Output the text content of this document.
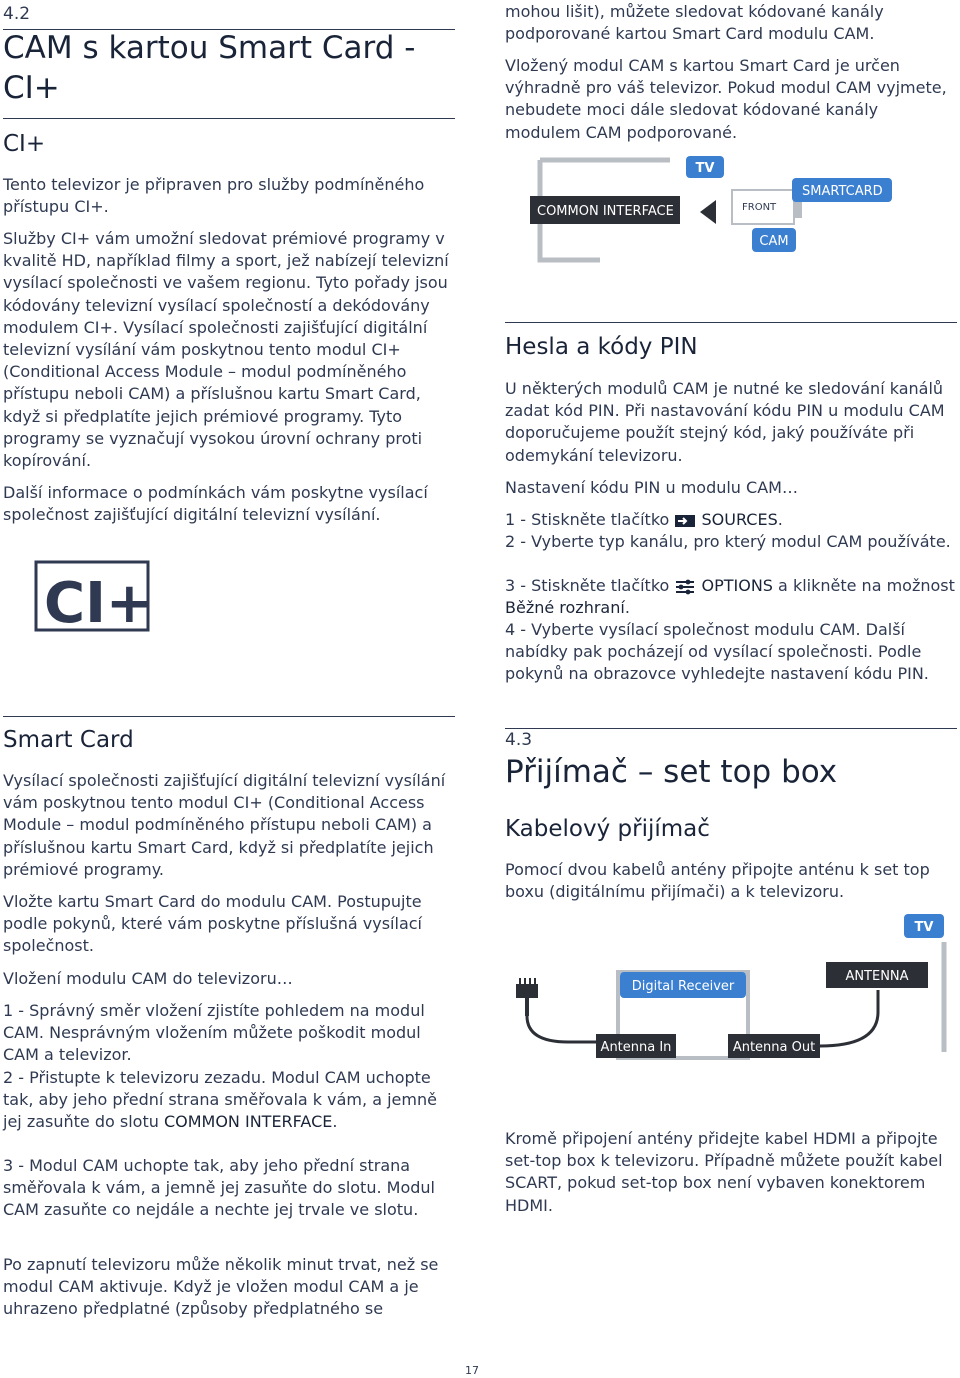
4.2
CAM s kartou Smart Card -
CI+
CI+

Tento televizor je připraven pro služby podmíněného přístupu CI+.

Služby CI+ vám umožní sledovat prémiové programy v kvalitě HD, například filmy a sport, jež nabízejí televizní vysílací společnosti ve vašem regionu. Tyto pořady jsou kódovány televizní vysílací společností a dekódovány modulem CI+. Vysílací společnosti zajišťující digitální televizní vysílání vám poskytnou tento modul CI+ (Conditional Access Module – modul podmíněného přístupu neboli CAM) a příslušnou kartu Smart Card, když si předplatíte jejich prémiové programy. Tyto programy se vyznačují vysokou úrovní ochrany proti kopírování.

Další informace o podmínkách vám poskytne vysílací společnost zajišťující digitální televizní vysílání.

CI+
Smart Card

Vysílací společnosti zajišťující digitální televizní vysílání vám poskytnou tento modul CI+ (Conditional Access Module – modul podmíněného přístupu neboli CAM) a příslušnou kartu Smart Card, když si předplatíte jejich prémiové programy.

Vložte kartu Smart Card do modulu CAM. Postupujte podle pokynů, které vám poskytne příslušná vysílací společnost.

Vložení modulu CAM do televizoru…

1 - Správný směr vložení zjistíte pohledem na modul CAM. Nesprávným vložením můžete poškodit modul CAM a televizor.

2 - Přistupte k televizoru zezadu. Modul CAM uchopte tak, aby jeho přední strana směřovala k vám, a jemně jej zasuňte do slotu COMMON INTERFACE.

3 - Modul CAM uchopte tak, aby jeho přední strana směřovala k vám, a jemně jej zasuňte do slotu. Modul CAM zasuňte co nejdále a nechte jej trvale ve slotu.

Po zapnutí televizoru může několik minut trvat, než se modul CAM aktivuje. Když je vložen modul CAM a je uhrazeno předplatné (způsoby předplatného se

mohou lišit), můžete sledovat kódované kanály podporované kartou Smart Card modulu CAM.

Vložený modul CAM s kartou Smart Card je určen výhradně pro váš televizor. Pokud modul CAM vyjmete, nebudete moci dále sledovat kódované kanály modulem CAM podporované.

TV
COMMON INTERFACE	FRONT
SMARTCARD
CAM
Hesla a kódy PIN

U některých modulů CAM je nutné ke sledování kanálů zadat kód PIN. Při nastavování kódu PIN u modulu CAM doporučujeme použít stejný kód, jaký používáte při odemykání televizoru.

Nastavení kódu PIN u modulu CAM…

1 - Stiskněte tlačítko SOURCES.

2 - Vyberte typ kanálu, pro který modul CAM používáte.

3 - Stiskněte tlačítko OPTIONS a klikněte na možnost Běžné rozhraní.

4 - Vyberte vysílací společnost modulu CAM. Další nabídky pak pocházejí od vysílací společnosti. Podle pokynů na obrazovce vyhledejte nastavení kódu PIN.

4.3
Přijímač – set top box
Kabelový přijímač

Pomocí dvou kabelů antény připojte anténu k set top boxu (digitálnímu přijímači) a k televizoru.

TV
Digital Receiver
ANTENNA
Antenna In	Antenna Out

Kromě připojení antény přidejte kabel HDMI a připojte set-top box k televizoru. Případně můžete použít kabel SCART, pokud set-top box není vybaven konektorem HDMI.

17
